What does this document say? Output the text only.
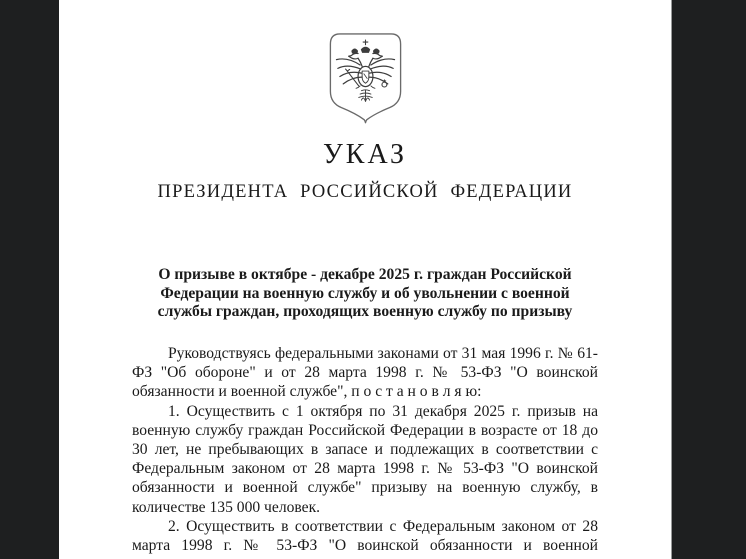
УКАЗ
ПРЕЗИДЕНТА РОССИЙСКОЙ ФЕДЕРАЦИИ
О призыве в октябре - декабре 2025 г. граждан Российской
Федерации на военную службу и об увольнении с военной
службы граждан, проходящих военную службу по призыву

Руководствуясь федеральными законами от 31 мая 1996 г. № 61-ФЗ "Об обороне" и от 28 марта 1998 г. № 53-ФЗ "О воинской обязанности и военной службе", п о с т а н о в л я ю:

1. Осуществить с 1 октября по 31 декабря 2025 г. призыв на военную службу граждан Российской Федерации в возрасте от 18 до 30 лет, не пребывающих в запасе и подлежащих в соответствии с Федеральным законом от 28 марта 1998 г. № 53-ФЗ "О воинской обязанности и военной службе" призыву на военную службу, в количестве 135 000 человек.

2. Осуществить в соответствии с Федеральным законом от 28 марта 1998 г. № 53-ФЗ "О воинской обязанности и военной
